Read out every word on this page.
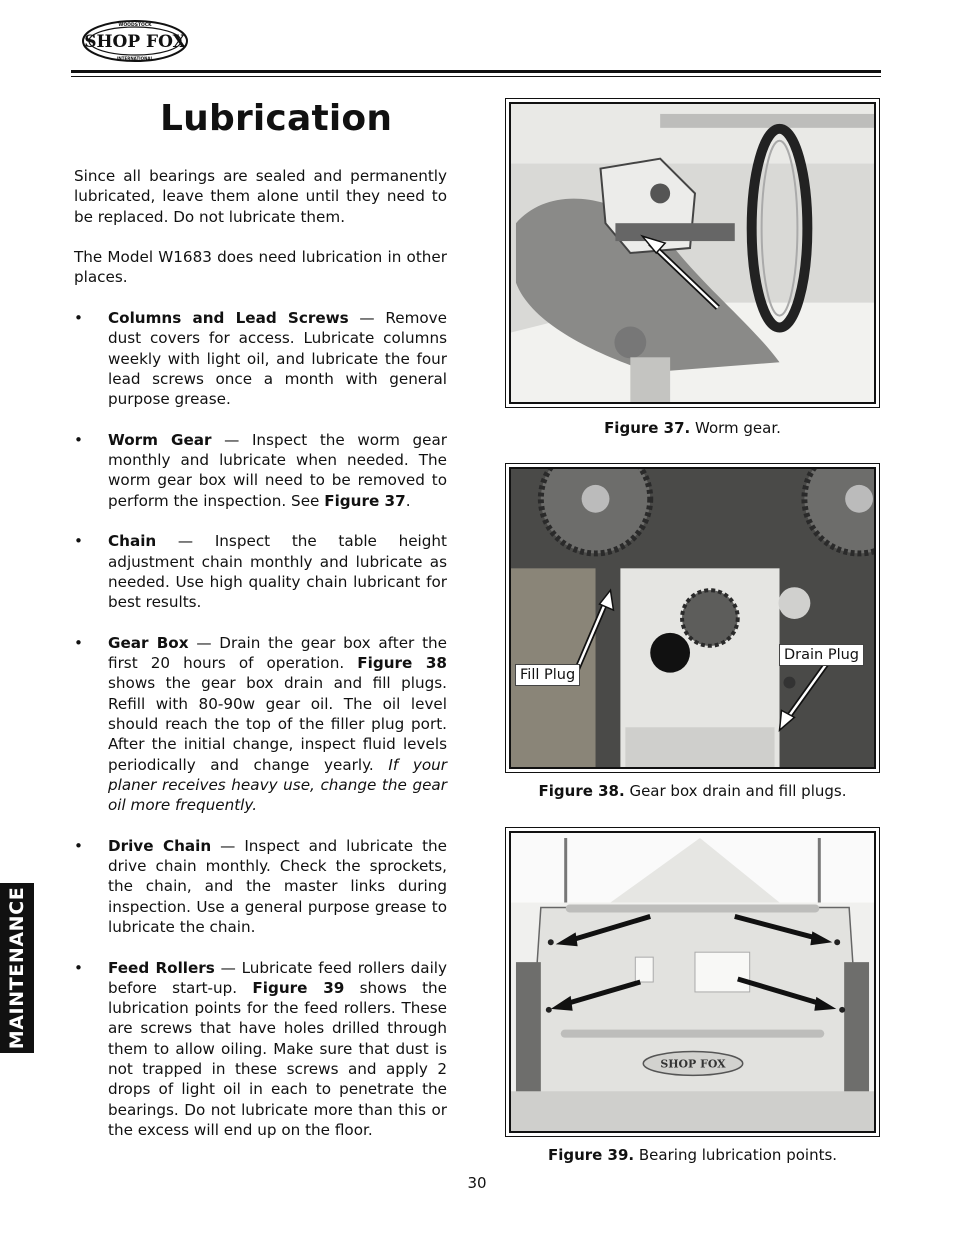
WOODSTOCK
SHOP FOX
INTERNATIONAL
Lubrication

Since all bearings are sealed and permanently lubricated, leave them alone until they need to be replaced. Do not lubricate them.

The Model W1683 does need lubrication in other places.

• Columns and Lead Screws — Remove dust covers for access. Lubricate columns weekly with light oil, and lubricate the four lead screws once a month with general purpose grease.
• Worm Gear — Inspect the worm gear monthly and lubricate when needed. The worm gear box will need to be removed to perform the inspection. See Figure 37.
• Chain — Inspect the table height adjustment chain monthly and lubricate as needed. Use high quality chain lubricant for best results.
• Gear Box — Drain the gear box after the first 20 hours of operation. Figure 38 shows the gear box drain and fill plugs. Refill with 80-90w gear oil. The oil level should reach the top of the filler plug port. After the initial change, inspect fluid levels periodically and change yearly. If your planer receives heavy use, change the gear oil more frequently.
• Drive Chain — Inspect and lubricate the drive chain monthly. Check the sprockets, the chain, and the master links during inspection. Use a general purpose grease to lubricate the chain.
• Feed Rollers — Lubricate feed rollers daily before start-up. Figure 39 shows the lubrication points for the feed rollers. These are screws that have holes drilled through them to allow oiling. Make sure that dust is not trapped in these screws and apply 2 drops of light oil in each to penetrate the bearings. Do not lubricate more than this or the excess will end up on the floor.
MAINTENANCE
Figure 37. Worm gear.
Fill Plug
Drain Plug
Figure 38. Gear box drain and fill plugs.
SHOP FOX
Figure 39. Bearing lubrication points.
30
